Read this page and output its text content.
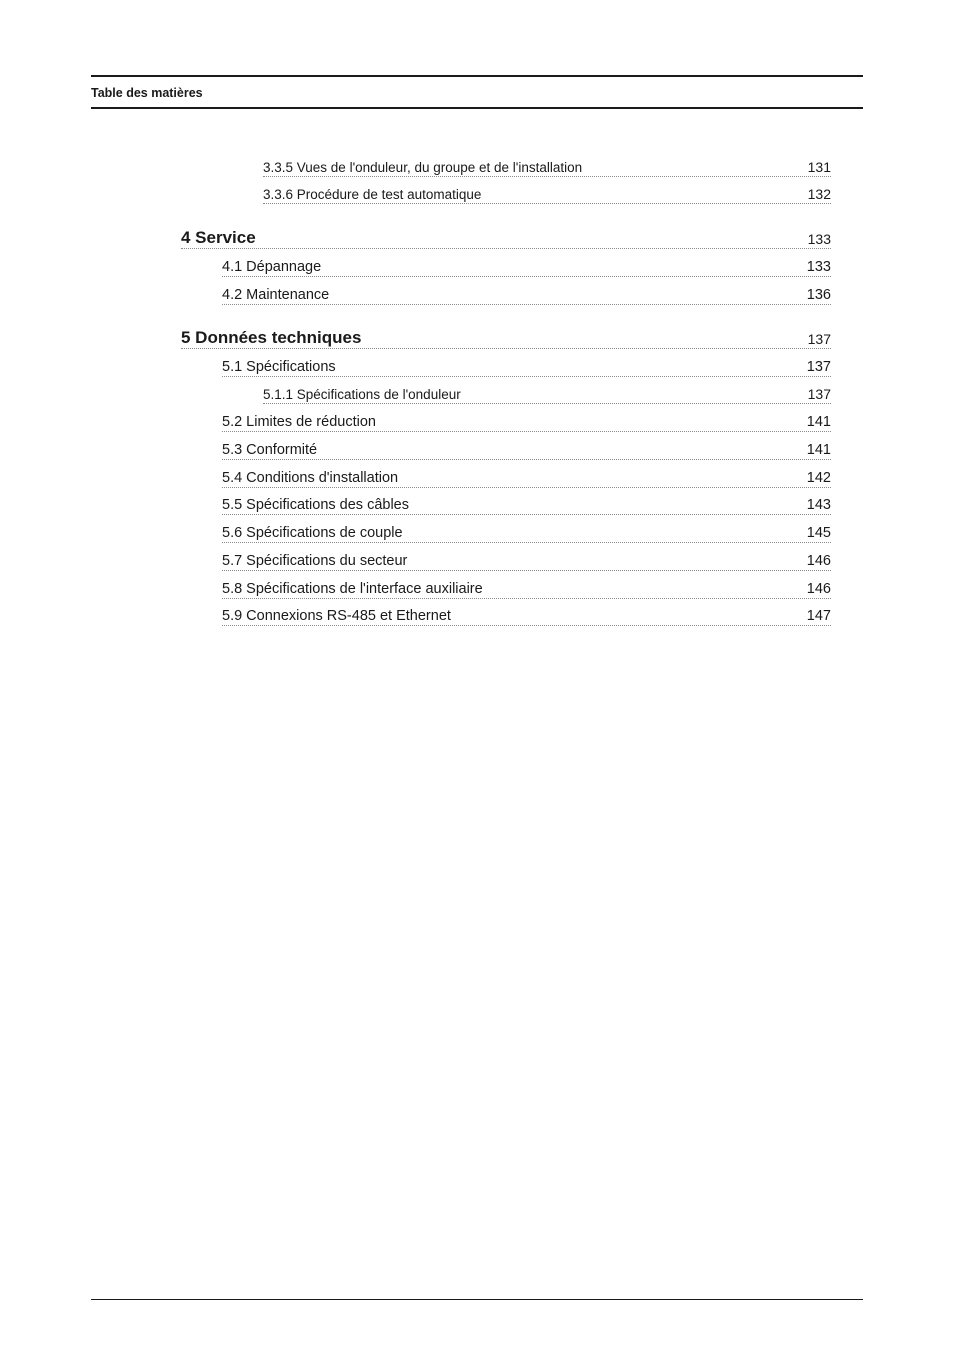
Table des matières
3.3.5 Vues de l'onduleur, du groupe et de l'installation	131
3.3.6 Procédure de test automatique	132
4 Service	133
4.1 Dépannage	133
4.2 Maintenance	136
5 Données techniques	137
5.1 Spécifications	137
5.1.1 Spécifications de l'onduleur	137
5.2 Limites de réduction	141
5.3 Conformité	141
5.4 Conditions d'installation	142
5.5 Spécifications des câbles	143
5.6 Spécifications de couple	145
5.7 Spécifications du secteur	146
5.8 Spécifications de l'interface auxiliaire	146
5.9 Connexions RS-485 et Ethernet	147
